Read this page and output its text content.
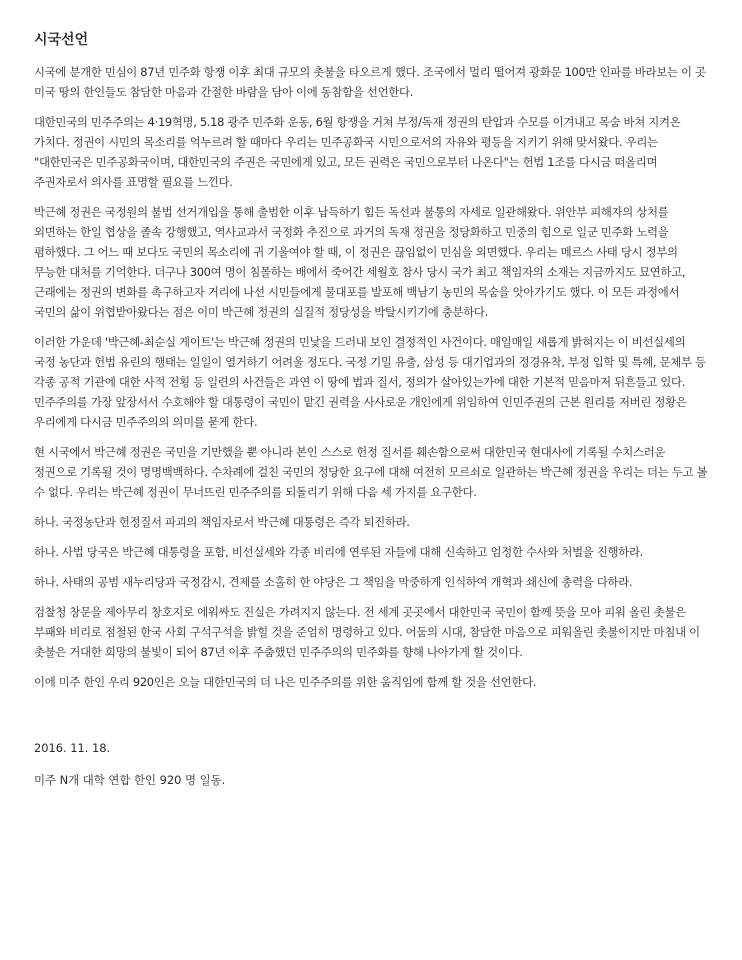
시국선언

시국에 분개한 민심이 87년 민주화 항쟁 이후 최대 규모의 촛불을 타오르게 했다. 조국에서 멀리 떨어져 광화문 100만 인파를 바라보는 이 곳 미국 땅의 한인들도 참담한 마음과 간절한 바람을 담아 이에 동참함을 선언한다.

대한민국의 민주주의는 4·19혁명, 5.18 광주 민주화 운동, 6월 항쟁을 거쳐 부정/독재 정권의 탄압과 수모를 이겨내고 목숨 바쳐 지켜온 가치다. 정권이 시민의 목소리를 억누르려 할 때마다 우리는 민주공화국 시민으로서의 자유와 평등을 지키기 위해 맞서왔다. 우리는 "대한민국은 민주공화국이며, 대한민국의 주권은 국민에게 있고, 모든 권력은 국민으로부터 나온다"는 헌법 1조를 다시금 떠올리며 주권자로서 의사를 표명할 필요를 느낀다.

박근혜 정권은 국정원의 불법 선거개입을 통해 출범한 이후 납득하기 힘든 독선과 불통의 자세로 일관해왔다. 위안부 피해자의 상처를 외면하는 한일 협상을 졸속 강행했고, 역사교과서 국정화 추진으로 과거의 독재 정권을 정당화하고 민중의 힘으로 일군 민주화 노력을 폄하했다. 그 어느 때 보다도 국민의 목소리에 귀 기울여야 할 때, 이 정권은 끊임없이 민심을 외면했다. 우리는 메르스 사태 당시 정부의 무능한 대처를 기억한다. 더구나 300여 명이 침몰하는 배에서 죽어간 세월호 참사 당시 국가 최고 책임자의 소재는 지금까지도 묘연하고, 근래에는 정권의 변화를 촉구하고자 거리에 나선 시민들에게 물대포를 발포해 백남기 농민의 목숨을 앗아가기도 했다. 이 모든 과정에서 국민의 삶이 위협받아왔다는 점은 이미 박근혜 정권의 실질적 정당성을 박탈시키기에 충분하다.

이러한 가운데 '박근혜-최순실 게이트'는 박근혜 정권의 민낯을 드러내 보인 결정적인 사건이다. 매일매일 새롭게 밝혀지는 이 비선실세의 국정 농단과 헌법 유린의 행태는 일일이 열거하기 어려울 정도다. 국정 기밀 유출, 삼성 등 대기업과의 정경유착, 부정 입학 및 특혜, 문체부 등 각종 공적 기관에 대한 사적 전횡 등 일련의 사건들은 과연 이 땅에 법과 질서, 정의가 살아있는가에 대한 기본적 믿음마저 뒤흔들고 있다. 민주주의를 가장 앞장서서 수호해야 할 대통령이 국민이 맡긴 권력을 사사로운 개인에게 위임하여 인민주권의 근본 원리를 저버린 정황은 우리에게 다시금 민주주의의 의미를 묻게 한다.

현 시국에서 박근혜 정권은 국민을 기만했을 뿐 아니라 본인 스스로 헌정 질서를 훼손함으로써 대한민국 현대사에 기록될 수치스러운 정권으로 기록될 것이 명명백백하다. 수차례에 걸친 국민의 정당한 요구에 대해 여전히 모르쇠로 일관하는 박근혜 정권을 우리는 더는 두고 볼 수 없다. 우리는 박근혜 정권이 무너뜨린 민주주의를 되돌리기 위해 다음 세 가지를 요구한다.

하나. 국정농단과 헌정질서 파괴의 책임자로서 박근혜 대통령은 즉각 퇴진하라.

하나. 사법 당국은 박근혜 대통령을 포함, 비선실세와 각종 비리에 연루된 자들에 대해 신속하고 엄정한 수사와 처벌을 진행하라.

하나. 사태의 공범 새누리당과 국정감시, 견제를 소홀히 한 야당은 그 책임을 막중하게 인식하여 개혁과 쇄신에 총력을 다하라.

검찰청 창문을 제아무리 창호지로 에워싸도 진실은 가려지지 않는다. 전 세계 곳곳에서 대한민국 국민이 함께 뜻을 모아 피워 올린 촛불은 부패와 비리로 점철된 한국 사회 구석구석을 밝힐 것을 준엄히 명령하고 있다. 어둠의 시대, 참담한 마음으로 피워올린 촛불이지만 마침내 이 촛불은 거대한 희망의 불빛이 되어 87년 이후 주춤했던 민주주의의 민주화를 향해 나아가게 할 것이다.

이에 미주 한인 우리 920인은 오늘 대한민국의 더 나은 민주주의를 위한 움직임에 함께 할 것을 선언한다.

2016. 11. 18.

미주 N개 대학 연합 한인 920 명 일동.
